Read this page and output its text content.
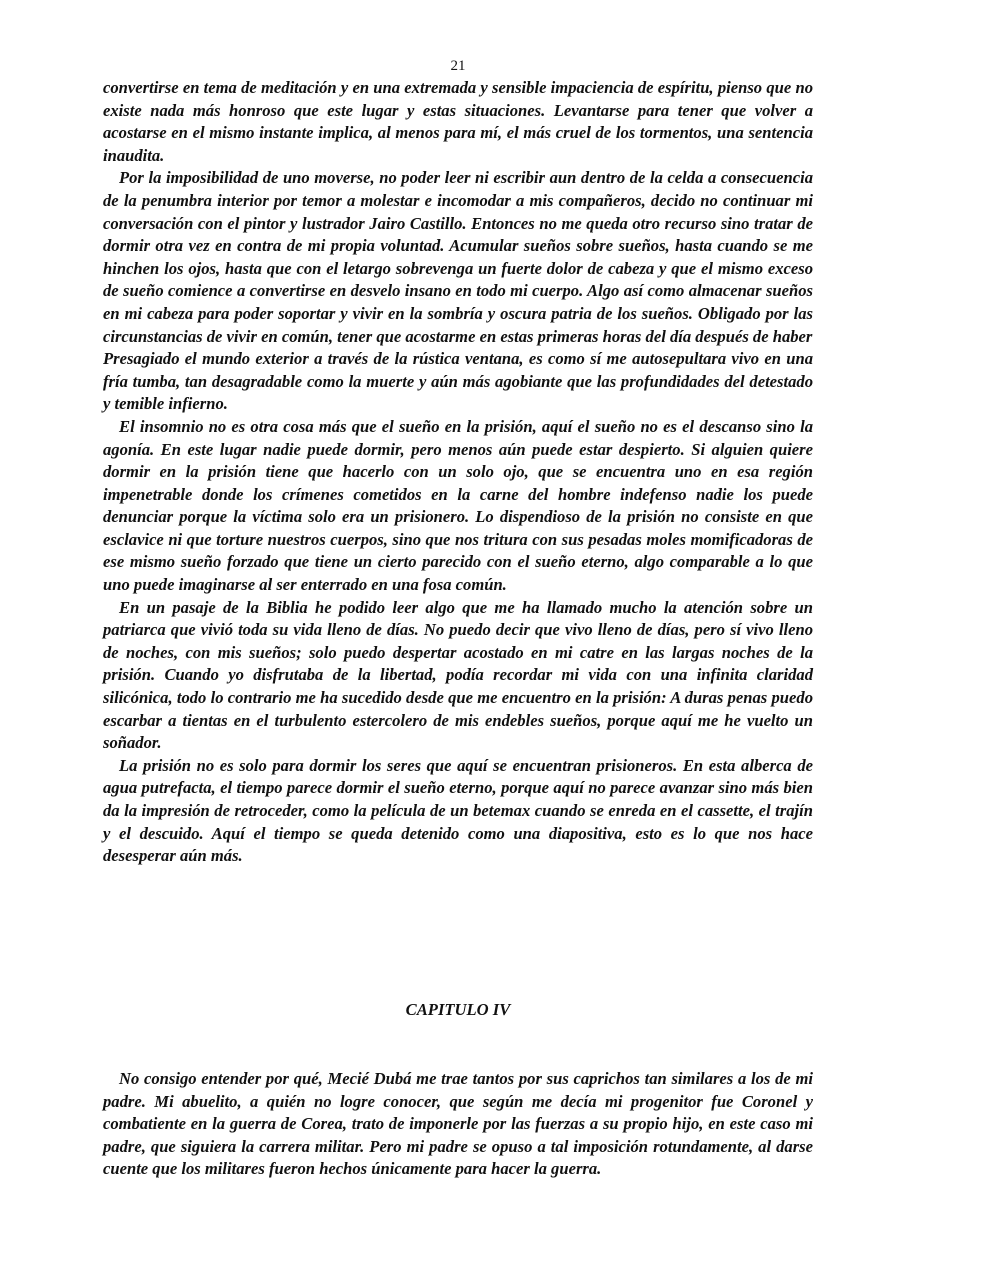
21

convertirse en tema de meditación y en una extremada y sensible impaciencia de espíritu, pienso que no existe nada más honroso que este lugar y estas situaciones. Levantarse para tener que volver a acostarse en el mismo instante implica, al menos para mí, el más cruel de los tormentos, una sentencia inaudita.

Por la imposibilidad de uno moverse, no poder leer ni escribir aun dentro de la celda a consecuencia de la penumbra interior por temor a molestar e incomodar a mis compañeros, decido no continuar mi conversación con el pintor y lustrador Jairo Castillo. Entonces no me queda otro recurso sino tratar de dormir otra vez en contra de mi propia voluntad. Acumular sueños sobre sueños, hasta cuando se me hinchen los ojos, hasta que con el letargo sobrevenga un fuerte dolor de cabeza y que el mismo exceso de sueño comience a convertirse en desvelo insano en todo mi cuerpo. Algo así como almacenar sueños en mi cabeza para poder soportar y vivir en la sombría y oscura patria de los sueños. Obligado por las circunstancias de vivir en común, tener que acostarme en estas primeras horas del día después de haber

Presagiado el mundo exterior a través de la rústica ventana, es como sí me autosepultara vivo en una fría tumba, tan desagradable como la muerte y aún más agobiante que las profundidades del detestado y temible infierno.

El insomnio no es otra cosa más que el sueño en la prisión, aquí el sueño no es el descanso sino la agonía. En este lugar nadie puede dormir, pero menos aún puede estar despierto. Si alguien quiere dormir en la prisión tiene que hacerlo con un solo ojo, que se encuentra uno en esa región impenetrable donde los crímenes cometidos en la carne del hombre indefenso nadie los puede denunciar porque la víctima solo era un prisionero. Lo dispendioso de la prisión no consiste en que esclavice ni que torture nuestros cuerpos, sino que nos tritura con sus pesadas moles momificadoras de ese mismo sueño forzado que tiene un cierto parecido con el sueño eterno, algo comparable a lo que uno puede imaginarse al ser enterrado en una fosa común.

En un pasaje de la Biblia he podido leer algo que me ha llamado mucho la atención sobre un patriarca que vivió toda su vida lleno de días. No puedo decir que vivo lleno de días, pero sí vivo lleno de noches, con mis sueños; solo puedo despertar acostado en mi catre en las largas noches de la prisión. Cuando yo disfrutaba de la libertad, podía recordar mi vida con una infinita claridad silicónica, todo lo contrario me ha sucedido desde que me encuentro en la prisión: A duras penas puedo escarbar a tientas en el turbulento estercolero de mis endebles sueños, porque aquí me he vuelto un soñador.

La prisión no es solo para dormir los seres que aquí se encuentran prisioneros. En esta alberca de agua putrefacta, el tiempo parece dormir el sueño eterno, porque aquí no parece avanzar sino más bien da la impresión de retroceder, como la película de un betemax cuando se enreda en el cassette, el trajín y el descuido. Aquí el tiempo se queda detenido como una diapositiva, esto es lo que nos hace desesperar aún más.

CAPITULO IV

No consigo entender por qué, Mecié Dubá me trae tantos por sus caprichos tan similares a los de mi padre. Mi abuelito, a quién no logre conocer, que según me decía mi progenitor fue Coronel y combatiente en la guerra de Corea, trato de imponerle por las fuerzas a su propio hijo, en este caso mi padre, que siguiera la carrera militar. Pero mi padre se opuso a tal imposición rotundamente, al darse cuente que los militares fueron hechos únicamente para hacer la guerra.
